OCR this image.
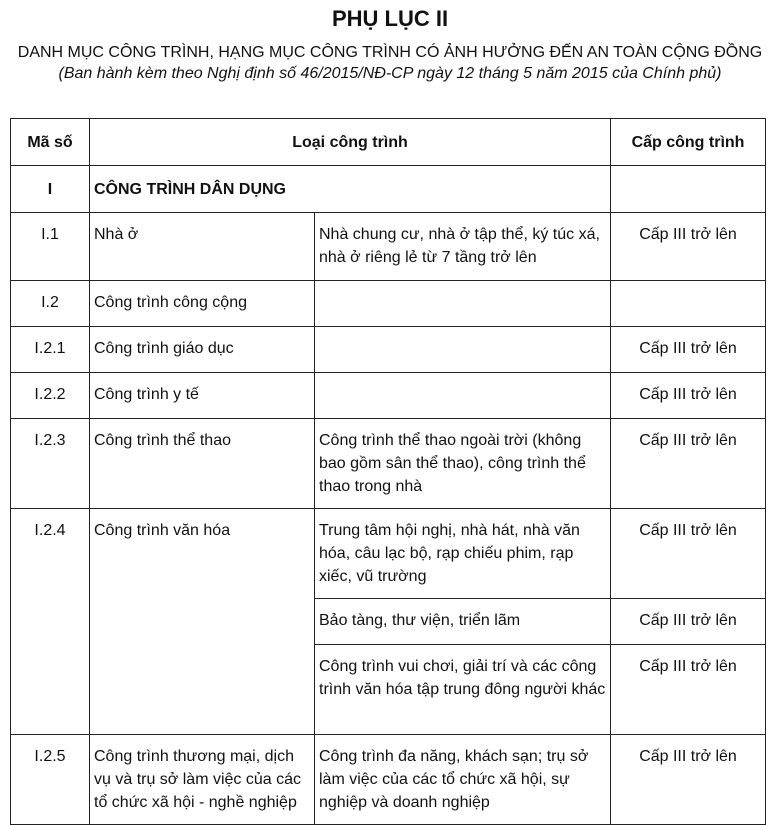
PHỤ LỤC II
DANH MỤC CÔNG TRÌNH, HẠNG MỤC CÔNG TRÌNH CÓ ẢNH HƯỞNG ĐẾN AN TOÀN CỘNG ĐỒNG
(Ban hành kèm theo Nghị định số 46/2015/NĐ-CP ngày 12 tháng 5 năm 2015 của Chính phủ)
Mã số	Loại công trình		Cấp công trình
I	CÔNG TRÌNH DÂN DỤNG		
I.1	Nhà ở	Nhà chung cư, nhà ở tập thể, ký túc xá, nhà ở riêng lẻ từ 7 tầng trở lên	Cấp III trở lên
I.2	Công trình công cộng		
I.2.1	Công trình giáo dục		Cấp III trở lên
I.2.2	Công trình y tế		Cấp III trở lên
I.2.3	Công trình thể thao	Công trình thể thao ngoài trời (không bao gồm sân thể thao), công trình thể thao trong nhà	Cấp III trở lên
I.2.4	Công trình văn hóa	Trung tâm hội nghị, nhà hát, nhà văn hóa, câu lạc bộ, rạp chiếu phim, rạp xiếc, vũ trường	Cấp III trở lên
		Bảo tàng, thư viện, triển lãm	Cấp III trở lên
		Công trình vui chơi, giải trí và các công trình văn hóa tập trung đông người khác	Cấp III trở lên
I.2.5	Công trình thương mại, dịch vụ và trụ sở làm việc của các tổ chức xã hội - nghề nghiệp	Công trình đa năng, khách sạn; trụ sở làm việc của các tổ chức xã hội, sự nghiệp và doanh nghiệp	Cấp III trở lên
